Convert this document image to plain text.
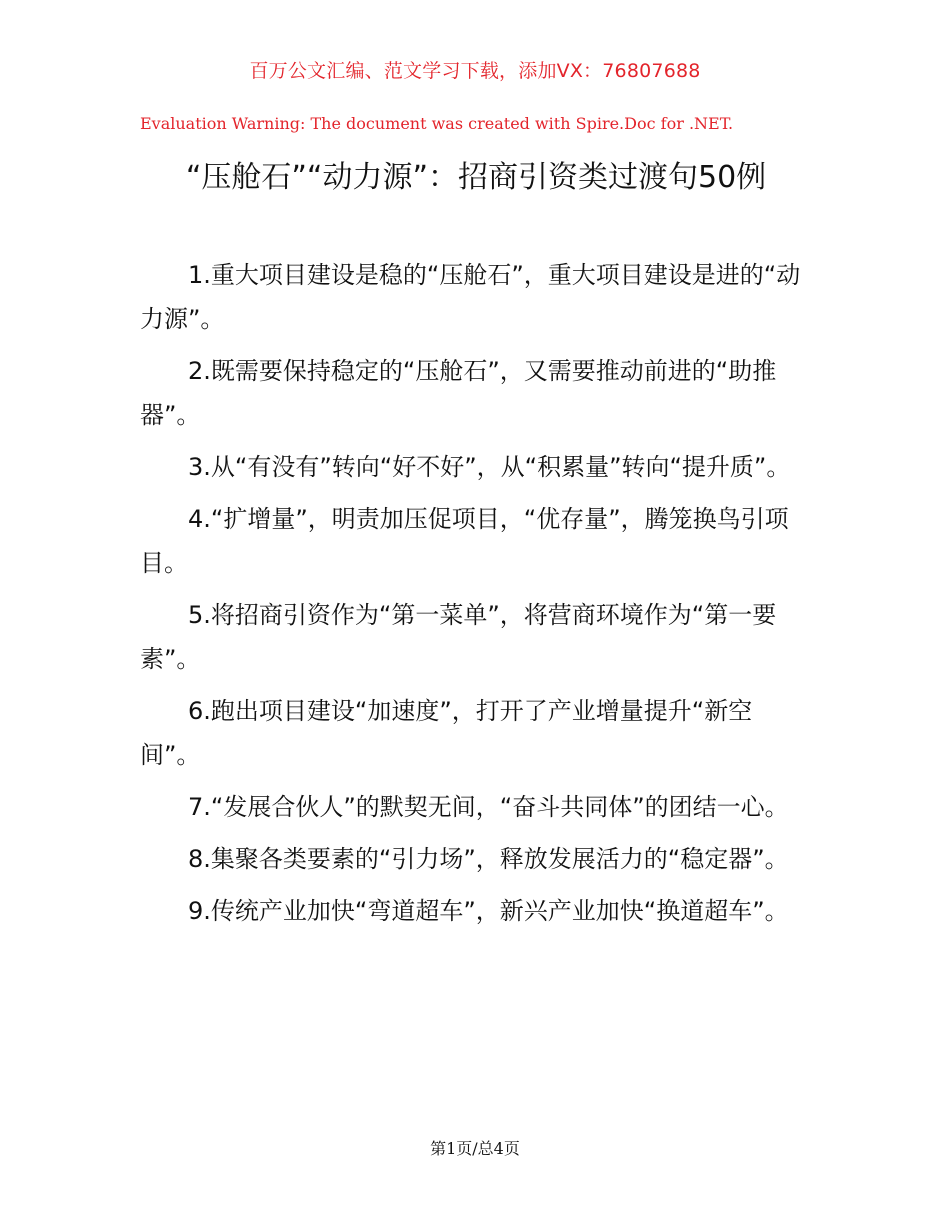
百万公文汇编、范文学习下载，添加VX：76807688
Evaluation Warning: The document was created with Spire.Doc for .NET.
“压舱石”“动力源”：招商引资类过渡句50例

1.重大项目建设是稳的“压舱石”，重大项目建设是进的“动力源”。

2.既需要保持稳定的“压舱石”，又需要推动前进的“助推器”。

3.从“有没有”转向“好不好”，从“积累量”转向“提升质”。

4.“扩增量”，明责加压促项目，“优存量”，腾笼换鸟引项目。

5.将招商引资作为“第一菜单”，将营商环境作为“第一要素”。

6.跑出项目建设“加速度”，打开了产业增量提升“新空间”。

7.“发展合伙人”的默契无间，“奋斗共同体”的团结一心。

8.集聚各类要素的“引力场”，释放发展活力的“稳定器”。

9.传统产业加快“弯道超车”，新兴产业加快“换道超车”。

第1页/总4页
